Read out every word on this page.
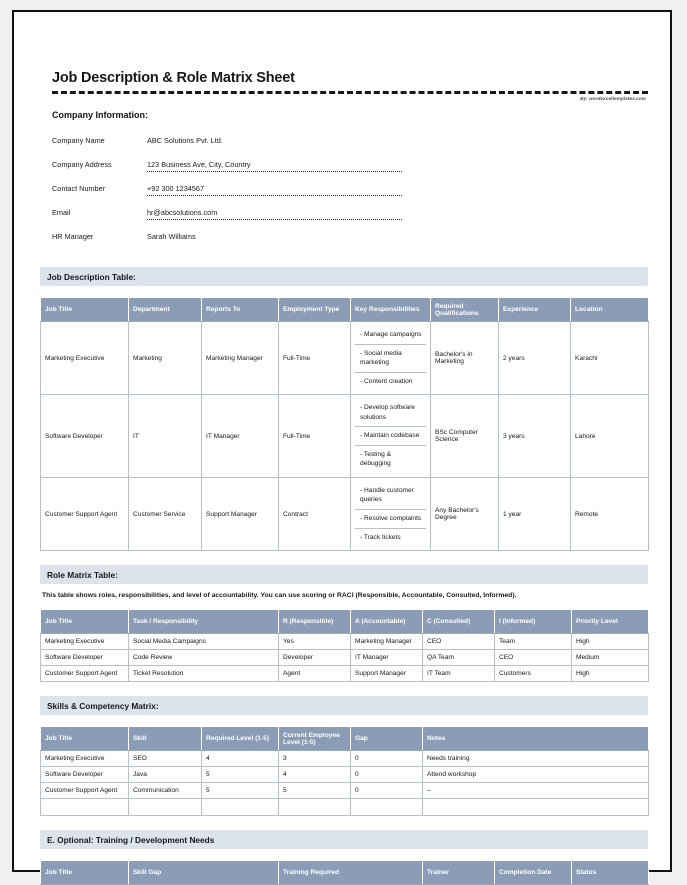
Job Description & Role Matrix Sheet
By: wordexceltemplates.com
Company Information:
Company Name	ABC Solutions Pvt. Ltd.
Company Address	123 Business Ave, City, Country
Contact Number	+92 300 1234567
Email	hr@abcsolutions.com
HR Manager	Sarah Williams
Job Description Table:
Job Title	Department	Reports To	Employment Type	Key Responsibilities	Required Qualifications	Experience	Location
Marketing Executive	Marketing	Marketing Manager	Full-Time	- Manage campaigns
- Social media marketing
- Content creation	Bachelor's in Marketing	2 years	Karachi
Software Developer	IT	IT Manager	Full-Time	- Develop software solutions
- Maintain codebase
- Testing & debugging	BSc Computer Science	3 years	Lahore
Customer Support Agent	Customer Service	Support Manager	Contract	- Handle customer queries
- Resolve complaints
- Track tickets	Any Bachelor's Degree	1 year	Remote
Role Matrix Table:
This table shows roles, responsibilities, and level of accountability. You can use scoring or RACI (Responsible, Accountable, Consulted, Informed).
Job Title	Task / Responsibility	R (Responsible)	A (Accountable)	C (Consulted)	I (Informed)	Priority Level
Marketing Executive	Social Media Campaigns	Yes	Marketing Manager	CEO	Team	High
Software Developer	Code Review	Developer	IT Manager	QA Team	CEO	Medium
Customer Support Agent	Ticket Resolution	Agent	Support Manager	IT Team	Customers	High
Skills & Competency Matrix:
Job Title	Skill	Required Level (1-5)	Current Employee Level (1-5)	Gap	Notes
Marketing Executive	SEO	4	3	0	Needs training
Software Developer	Java	5	4	0	Attend workshop
Customer Support Agent	Communication	5	5	0	–

E. Optional: Training / Development Needs
Job Title	Skill Gap	Training Required	Trainer	Completion Date	Status
